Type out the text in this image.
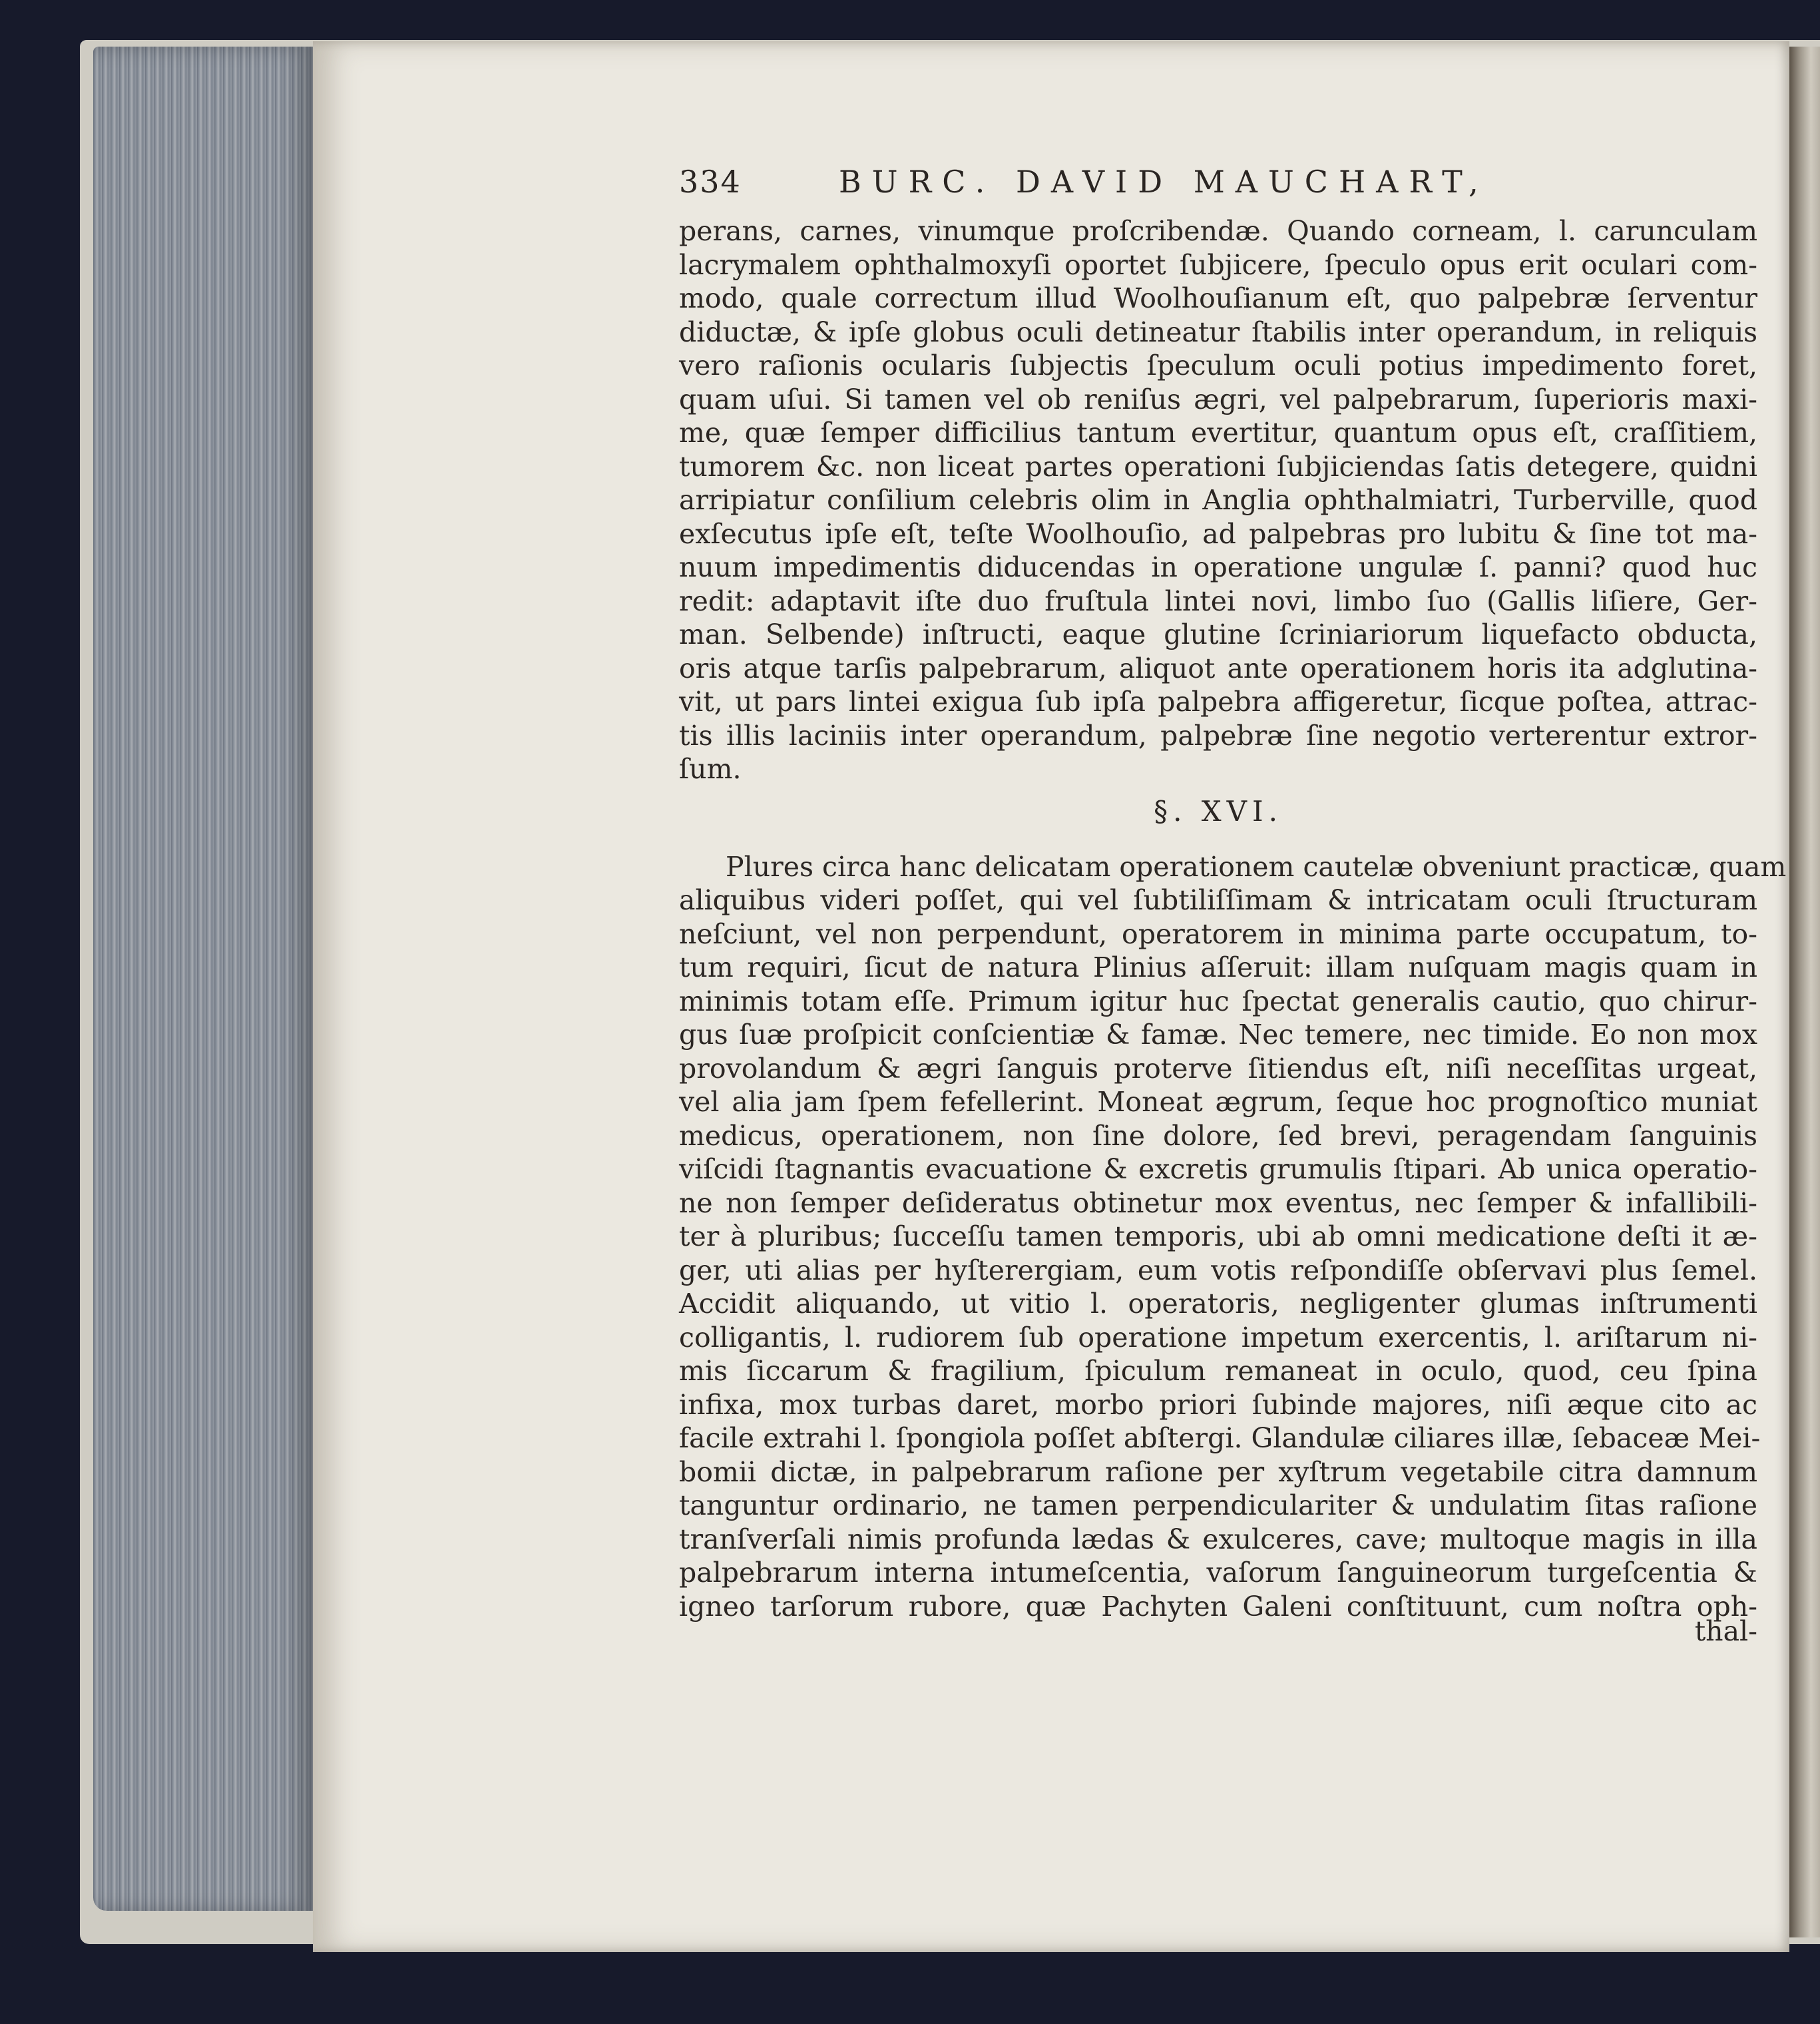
334	BURC. DAVID MAUCHART,
perans, carnes, vinumque proſcribendæ. Quando corneam, l. carunculam
lacrymalem ophthalmoxyſi oportet ſubjicere, ſpeculo opus erit oculari com-
modo, quale correctum illud Woolhouſianum eſt, quo palpebræ ſerventur
diductæ, & ipſe globus oculi detineatur ſtabilis inter operandum, in reliquis
vero raſionis ocularis ſubjectis ſpeculum oculi potius impedimento foret,
quam uſui. Si tamen vel ob reniſus ægri, vel palpebrarum, ſuperioris maxi-
me, quæ ſemper difficilius tantum evertitur, quantum opus eſt, craſſitiem,
tumorem &c. non liceat partes operationi ſubjiciendas ſatis detegere, quidni
arripiatur conſilium celebris olim in Anglia ophthalmiatri, Turberville, quod
exſecutus ipſe eſt, teſte Woolhouſio, ad palpebras pro lubitu & ſine tot ma-
nuum impedimentis diducendas in operatione ungulæ ſ. panni? quod huc
redit: adaptavit iſte duo fruſtula lintei novi, limbo ſuo (Gallis liſiere, Ger-
man. Selbende) inſtructi, eaque glutine ſcriniariorum liquefacto obducta,
oris atque tarſis palpebrarum, aliquot ante operationem horis ita adglutina-
vit, ut pars lintei exigua ſub ipſa palpebra affigeretur, ſicque poſtea, attrac-
tis illis laciniis inter operandum, palpebræ ſine negotio verterentur extror-
ſum.
§. XVI.
Plures circa hanc delicatam operationem cautelæ obveniunt practicæ, quam
aliquibus videri poſſet, qui vel ſubtiliſſimam & intricatam oculi ſtructuram
neſciunt, vel non perpendunt, operatorem in minima parte occupatum, to-
tum requiri, ſicut de natura Plinius aſſeruit: illam nuſquam magis quam in
minimis totam eſſe. Primum igitur huc ſpectat generalis cautio, quo chirur-
gus ſuæ proſpicit conſcientiæ & famæ. Nec temere, nec timide. Eo non mox
provolandum & ægri ſanguis proterve ſitiendus eſt, niſi neceſſitas urgeat,
vel alia jam ſpem fefellerint. Moneat ægrum, ſeque hoc prognoſtico muniat
medicus, operationem, non ſine dolore, ſed brevi, peragendam ſanguinis
viſcidi ſtagnantis evacuatione & excretis grumulis ſtipari. Ab unica operatio-
ne non ſemper deſideratus obtinetur mox eventus, nec ſemper & infallibili-
ter à pluribus; ſucceſſu tamen temporis, ubi ab omni medicatione deſti it æ-
ger, uti alias per hyſterergiam, eum votis reſpondiſſe obſervavi plus ſemel.
Accidit aliquando, ut vitio l. operatoris, negligenter glumas inſtrumenti
colligantis, l. rudiorem ſub operatione impetum exercentis, l. ariſtarum ni-
mis ſiccarum & fragilium, ſpiculum remaneat in oculo, quod, ceu ſpina
infixa, mox turbas daret, morbo priori ſubinde majores, niſi æque cito ac
facile extrahi l. ſpongiola poſſet abſtergi. Glandulæ ciliares illæ, ſebaceæ Mei-
bomii dictæ, in palpebrarum raſione per xyſtrum vegetabile citra damnum
tanguntur ordinario, ne tamen perpendiculariter & undulatim ſitas raſione
tranſverſali nimis profunda lædas & exulceres, cave; multoque magis in illa
palpebrarum interna intumeſcentia, vaſorum ſanguineorum turgeſcentia &
igneo tarſorum rubore, quæ Pachyten Galeni conſtituunt, cum noſtra oph-
thal-
